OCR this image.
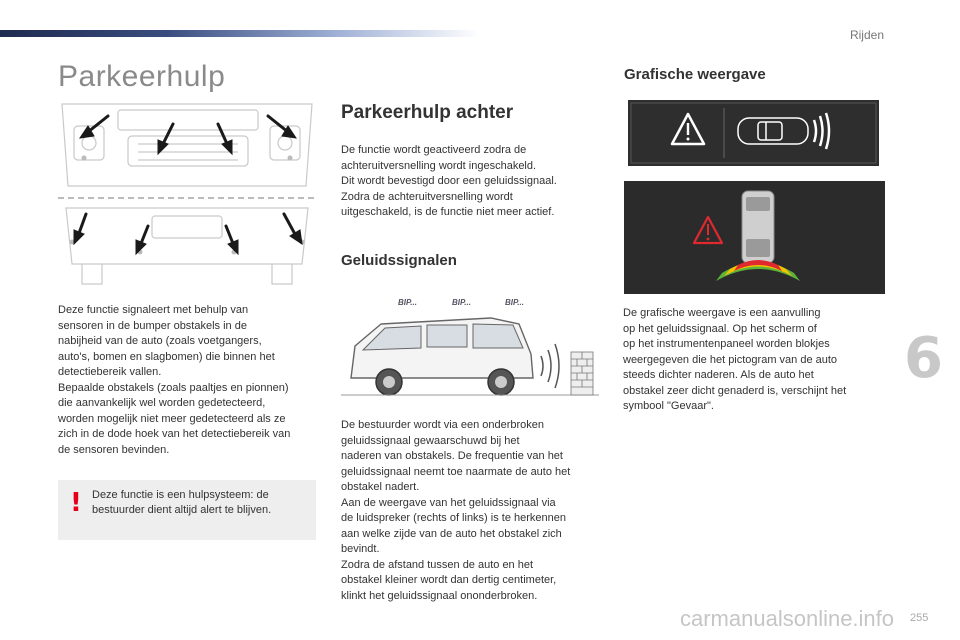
Rijden
Parkeerhulp

Deze functie signaleert met behulp van

sensoren in de bumper obstakels in de

nabijheid van de auto (zoals voetgangers,

auto's, bomen en slagbomen) die binnen het

detectiebereik vallen.

Bepaalde obstakels (zoals paaltjes en pionnen)

die aanvankelijk wel worden gedetecteerd,

worden mogelijk niet meer gedetecteerd als ze

zich in de dode hoek van het detectiebereik van

de sensoren bevinden.

! Deze functie is een hulpsysteem: de
bestuurder dient altijd alert te blijven.
Parkeerhulp achter

De functie wordt geactiveerd zodra de

achteruitversnelling wordt ingeschakeld.

Dit wordt bevestigd door een geluidssignaal.

Zodra de achteruitversnelling wordt

uitgeschakeld, is de functie niet meer actief.

Geluidssignalen
BIP...	BIP...	BIP...

De bestuurder wordt via een onderbroken

geluidssignaal gewaarschuwd bij het

naderen van obstakels. De frequentie van het

geluidssignaal neemt toe naarmate de auto het

obstakel nadert.

Aan de weergave van het geluidssignaal via

de luidspreker (rechts of links) is te herkennen

aan welke zijde van de auto het obstakel zich

bevindt.

Zodra de afstand tussen de auto en het

obstakel kleiner wordt dan dertig centimeter,

klinkt het geluidssignaal ononderbroken.

Grafische weergave

De grafische weergave is een aanvulling

op het geluidssignaal. Op het scherm of

op het instrumentenpaneel worden blokjes

weergegeven die het pictogram van de auto

steeds dichter naderen. Als de auto het

obstakel zeer dicht genaderd is, verschijnt het

symbool "Gevaar".

6
carmanualsonline.info 255
